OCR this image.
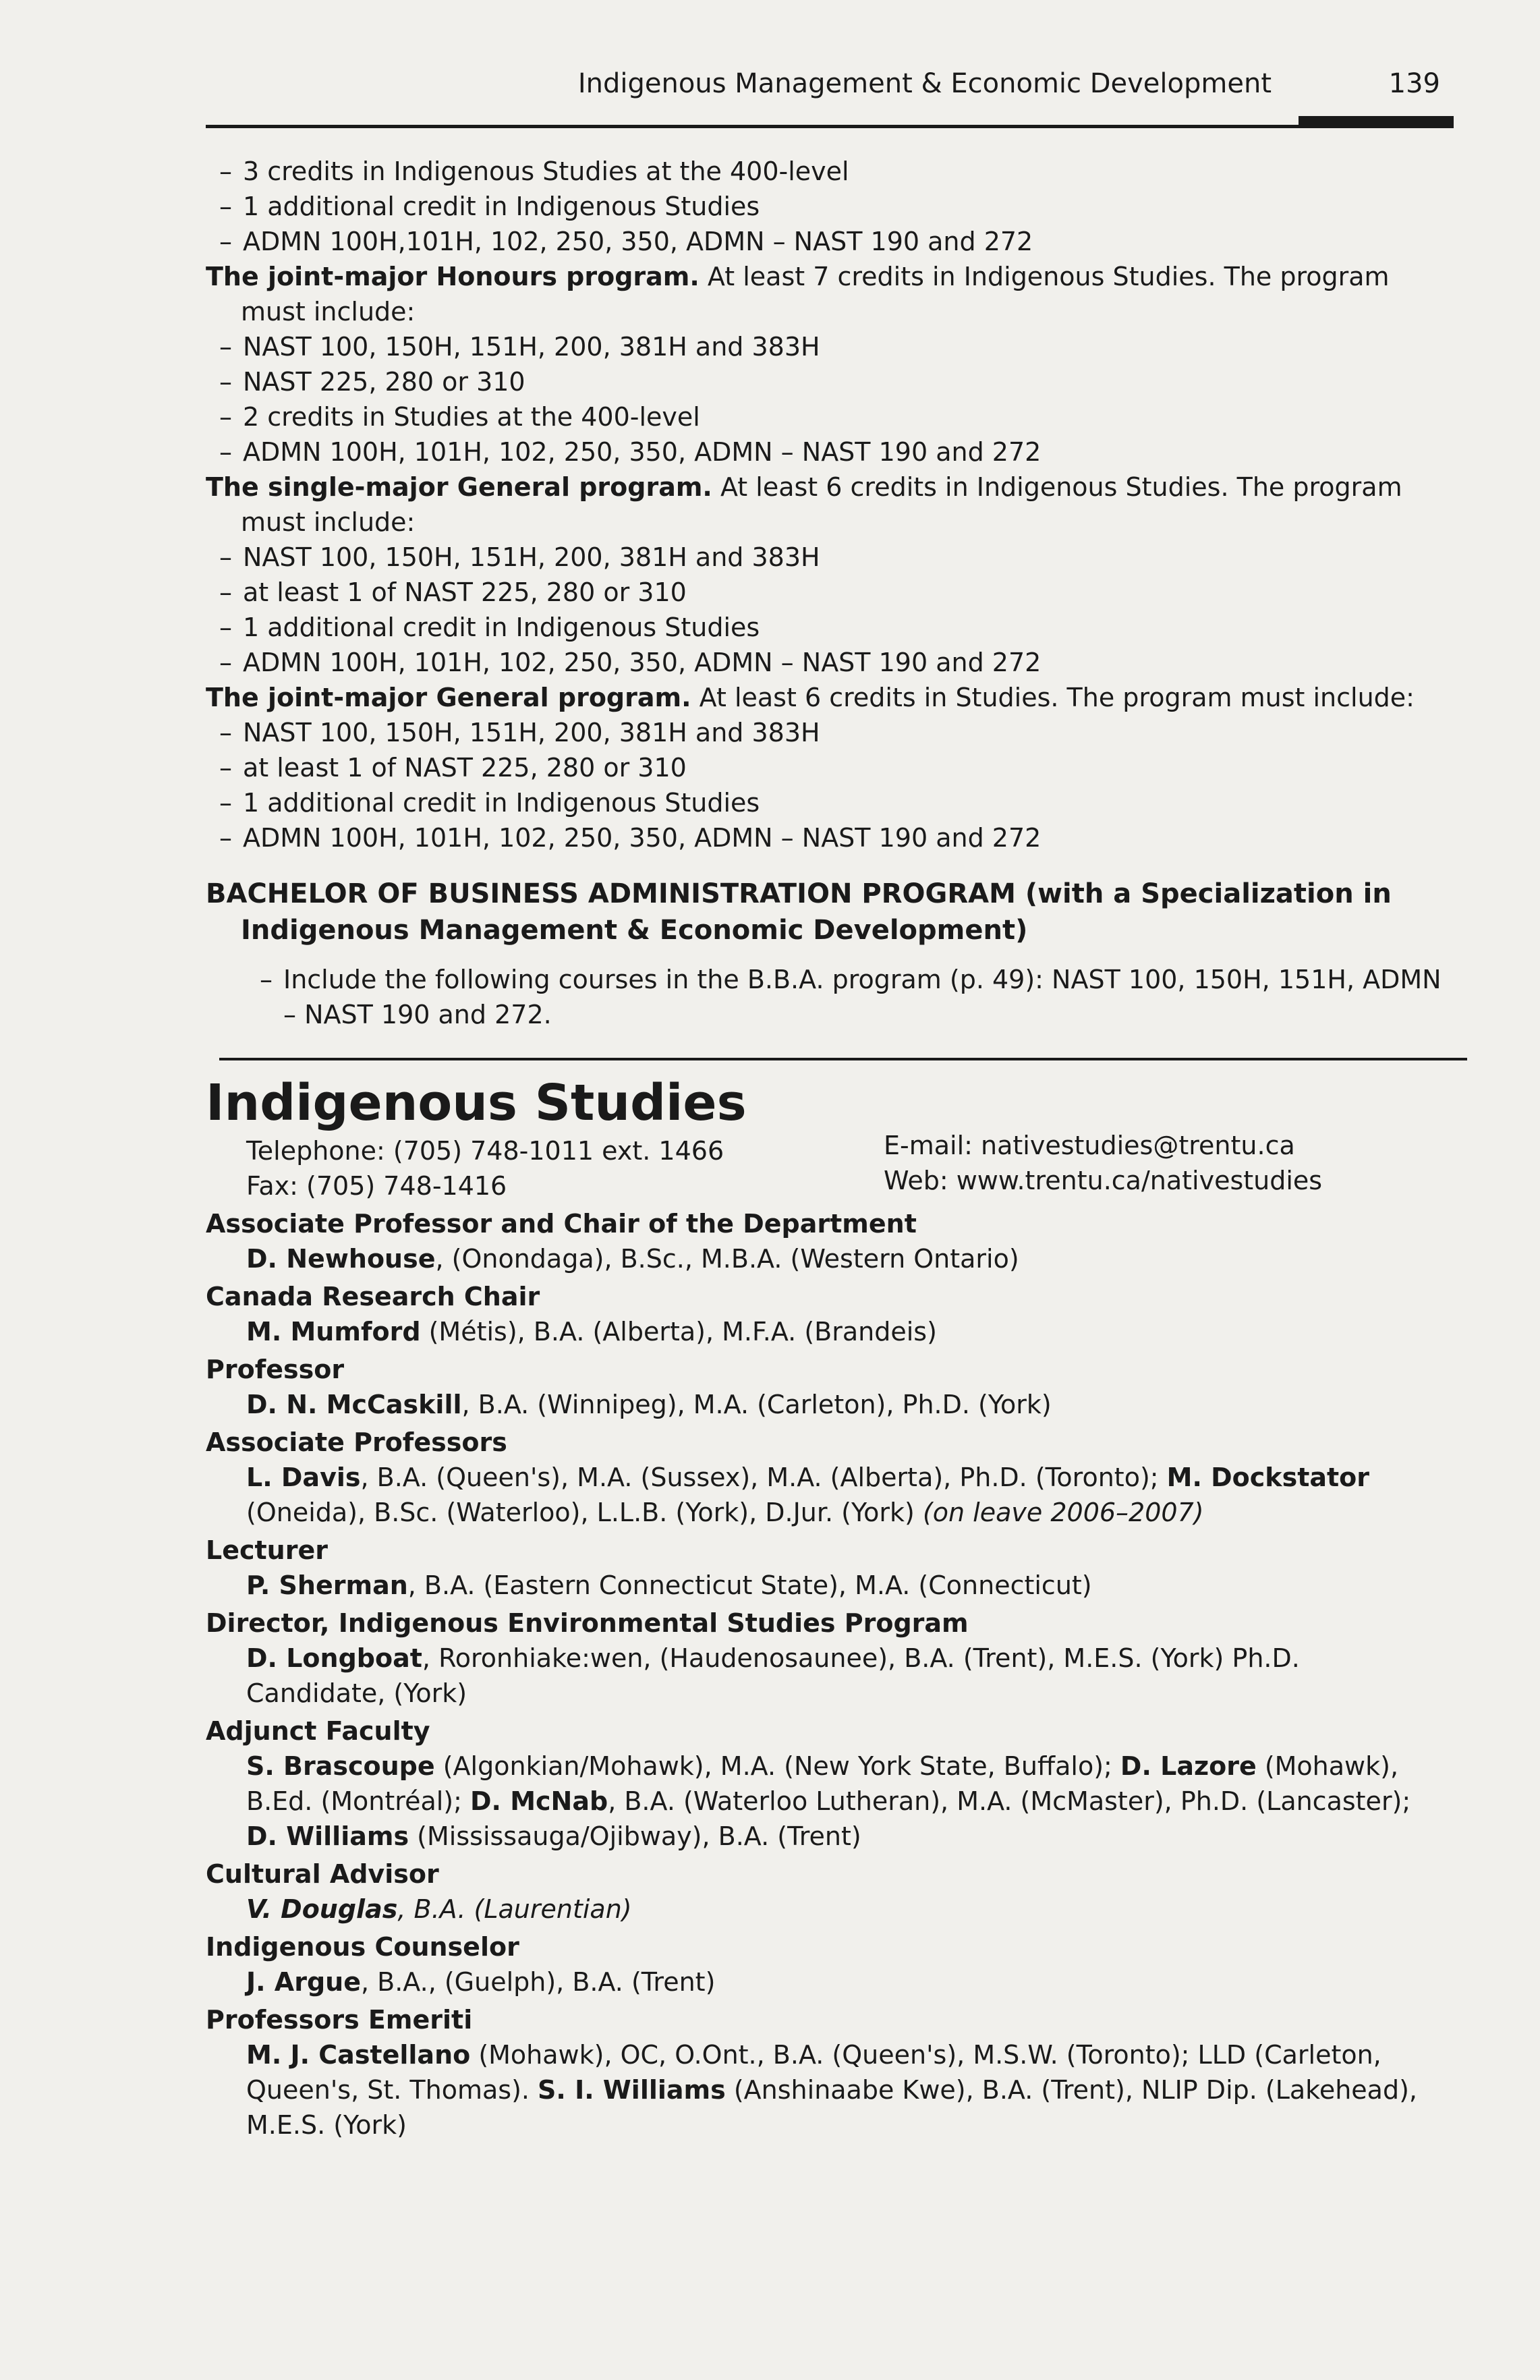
Indigenous Management & Economic Development	139
– 3 credits in Indigenous Studies at the 400-level
– 1 additional credit in Indigenous Studies
– ADMN 100H,101H, 102, 250, 350, ADMN – NAST 190 and 272
The joint-major Honours program. At least 7 credits in Indigenous Studies. The program must include:
– NAST 100, 150H, 151H, 200, 381H and 383H
– NAST 225, 280 or 310
– 2 credits in Studies at the 400-level
– ADMN 100H, 101H, 102, 250, 350, ADMN – NAST 190 and 272
The single-major General program. At least 6 credits in Indigenous Studies. The program must include:
– NAST 100, 150H, 151H, 200, 381H and 383H
– at least 1 of NAST 225, 280 or 310
– 1 additional credit in Indigenous Studies
– ADMN 100H, 101H, 102, 250, 350, ADMN – NAST 190 and 272
The joint-major General program. At least 6 credits in Studies. The program must include:
– NAST 100, 150H, 151H, 200, 381H and 383H
– at least 1 of NAST 225, 280 or 310
– 1 additional credit in Indigenous Studies
– ADMN 100H, 101H, 102, 250, 350, ADMN – NAST 190 and 272
BACHELOR OF BUSINESS ADMINISTRATION PROGRAM (with a Specialization in Indigenous Management & Economic Development)
– Include the following courses in the B.B.A. program (p. 49): NAST 100, 150H, 151H, ADMN – NAST 190 and 272.
Indigenous Studies
Telephone: (705) 748-1011 ext. 1466
Fax: (705) 748-1416
E-mail: nativestudies@trentu.ca
Web: www.trentu.ca/nativestudies
Associate Professor and Chair of the Department
D. Newhouse, (Onondaga), B.Sc., M.B.A. (Western Ontario)
Canada Research Chair
M. Mumford (Métis), B.A. (Alberta), M.F.A. (Brandeis)
Professor
D. N. McCaskill, B.A. (Winnipeg), M.A. (Carleton), Ph.D. (York)
Associate Professors
L. Davis, B.A. (Queen's), M.A. (Sussex), M.A. (Alberta), Ph.D. (Toronto); M. Dockstator (Oneida), B.Sc. (Waterloo), L.L.B. (York), D.Jur. (York) (on leave 2006–2007)
Lecturer
P. Sherman, B.A. (Eastern Connecticut State), M.A. (Connecticut)
Director, Indigenous Environmental Studies Program
D. Longboat, Roronhiake:wen, (Haudenosaunee), B.A. (Trent), M.E.S. (York) Ph.D. Candidate, (York)
Adjunct Faculty
S. Brascoupe (Algonkian/Mohawk), M.A. (New York State, Buffalo); D. Lazore (Mohawk), B.Ed. (Montréal); D. McNab, B.A. (Waterloo Lutheran), M.A. (McMaster), Ph.D. (Lancaster); D. Williams (Mississauga/Ojibway), B.A. (Trent)
Cultural Advisor
V. Douglas, B.A. (Laurentian)
Indigenous Counselor
J. Argue, B.A., (Guelph), B.A. (Trent)
Professors Emeriti
M. J. Castellano (Mohawk), OC, O.Ont., B.A. (Queen's), M.S.W. (Toronto); LLD (Carleton, Queen's, St. Thomas). S. I. Williams (Anshinaabe Kwe), B.A. (Trent), NLIP Dip. (Lakehead), M.E.S. (York)
